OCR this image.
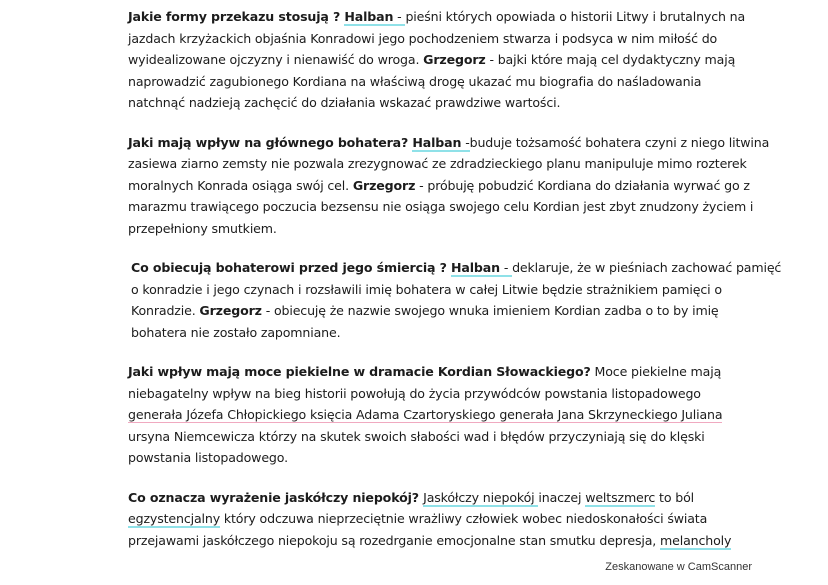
Jakie formy przekazu stosują ? Halban - pieśni których opowiada o historii Litwy i brutalnych na
jazdach krzyżackich objaśnia Konradowi jego pochodzeniem stwarza i podsyca w nim miłość do
wyidealizowane ojczyzny i nienawiść do wroga. Grzegorz - bajki które mają cel dydaktyczny mają
naprowadzić zagubionego Kordiana na właściwą drogę ukazać mu biografia do naśladowania
natchnąć nadzieją zachęcić do działania wskazać prawdziwe wartości.
Jaki mają wpływ na głównego bohatera? Halban -buduje tożsamość bohatera czyni z niego litwina
zasiewa ziarno zemsty nie pozwala zrezygnować ze zdradzieckiego planu manipuluje mimo rozterek
moralnych Konrada osiąga swój cel. Grzegorz - próbuję pobudzić Kordiana do działania wyrwać go z
marazmu trawiącego poczucia bezsensu nie osiąga swojego celu Kordian jest zbyt znudzony życiem i
przepełniony smutkiem.
Co obiecują bohaterowi przed jego śmiercią ? Halban - deklaruje, że w pieśniach zachować pamięć
o konradzie i jego czynach i rozsławili imię bohatera w całej Litwie będzie strażnikiem pamięci o
Konradzie. Grzegorz - obiecuję że nazwie swojego wnuka imieniem Kordian zadba o to by imię
bohatera nie zostało zapomniane.
Jaki wpływ mają moce piekielne w dramacie Kordian Słowackiego? Moce piekielne mają
niebagatelny wpływ na bieg historii powołują do życia przywódców powstania listopadowego
generała Józefa Chłopickiego księcia Adama Czartoryskiego generała Jana Skrzyneckiego Juliana
ursyna Niemcewicza którzy na skutek swoich słabości wad i błędów przyczyniają się do klęski
powstania listopadowego.
Co oznacza wyrażenie jaskółczy niepokój? Jaskółczy niepokój inaczej weltszmerc to ból
egzystencjalny który odczuwa nieprzeciętnie wrażliwy człowiek wobec niedoskonałości świata
przejawami jaskółczego niepokoju są rozedrganie emocjonalne stan smutku depresja, melancholy
Zeskanowane w CamScanner
